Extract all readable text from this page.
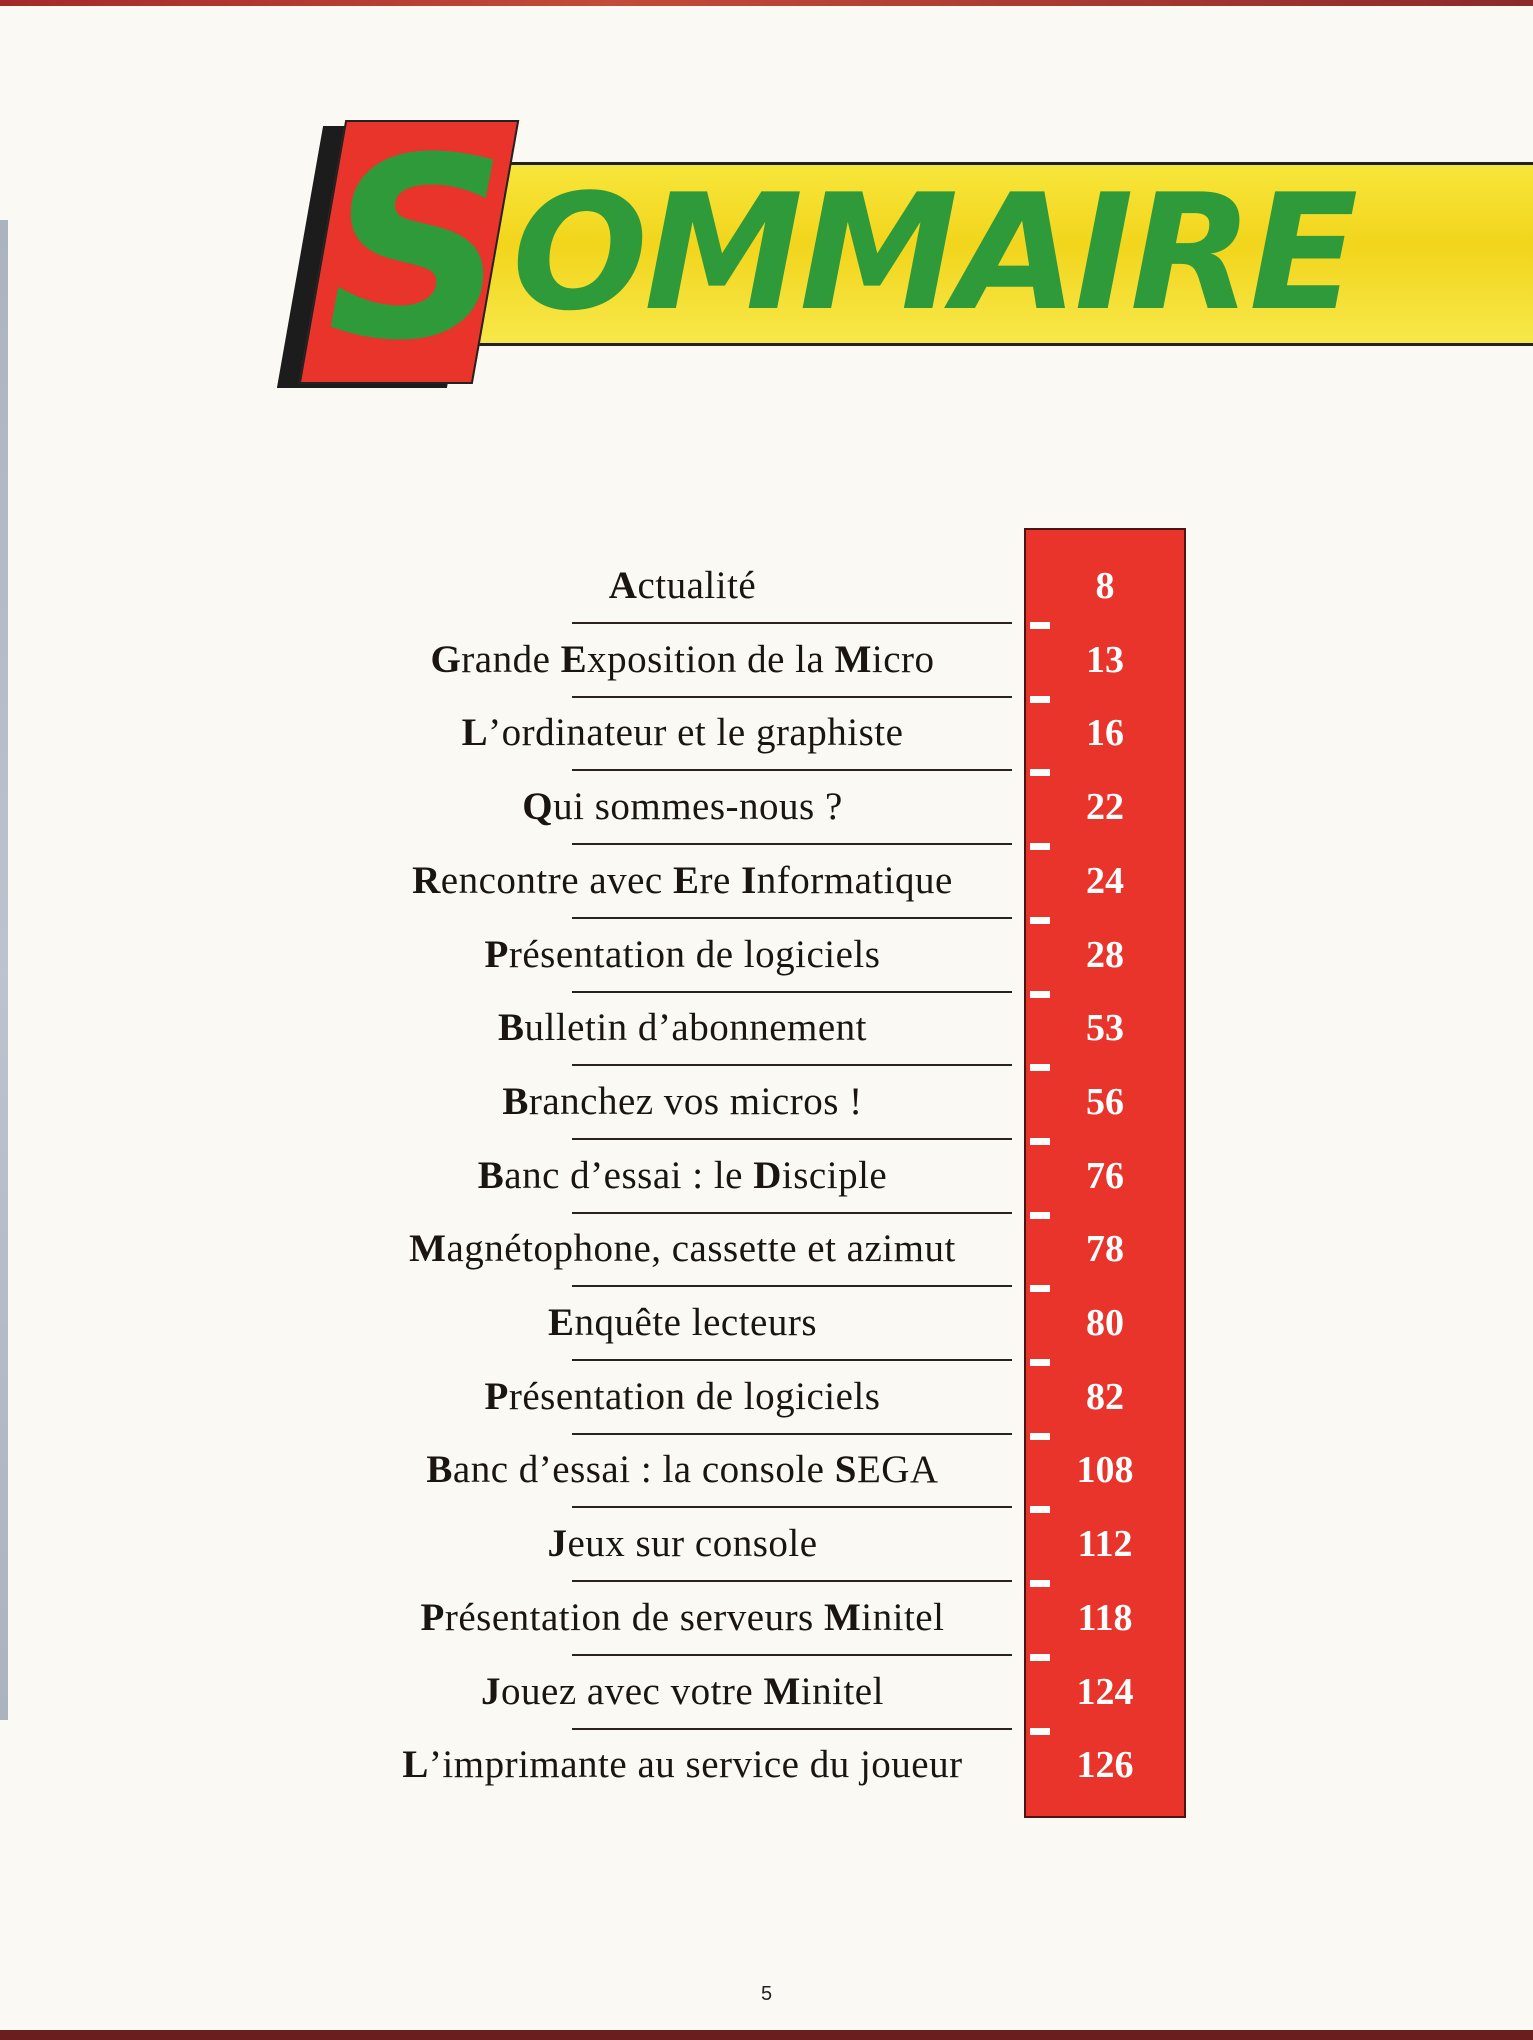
S OMMAIRE
Actualité	8
Grande Exposition de la Micro	13
L’ordinateur et le graphiste	16
Qui sommes-nous ?	22
Rencontre avec Ere Informatique	24
Présentation de logiciels	28
Bulletin d’abonnement	53
Branchez vos micros !	56
Banc d’essai : le Disciple	76
Magnétophone, cassette et azimut	78
Enquête lecteurs	80
Présentation de logiciels	82
Banc d’essai : la console SEGA	108
Jeux sur console	112
Présentation de serveurs Minitel	118
Jouez avec votre Minitel	124
L’imprimante au service du joueur	126
5
